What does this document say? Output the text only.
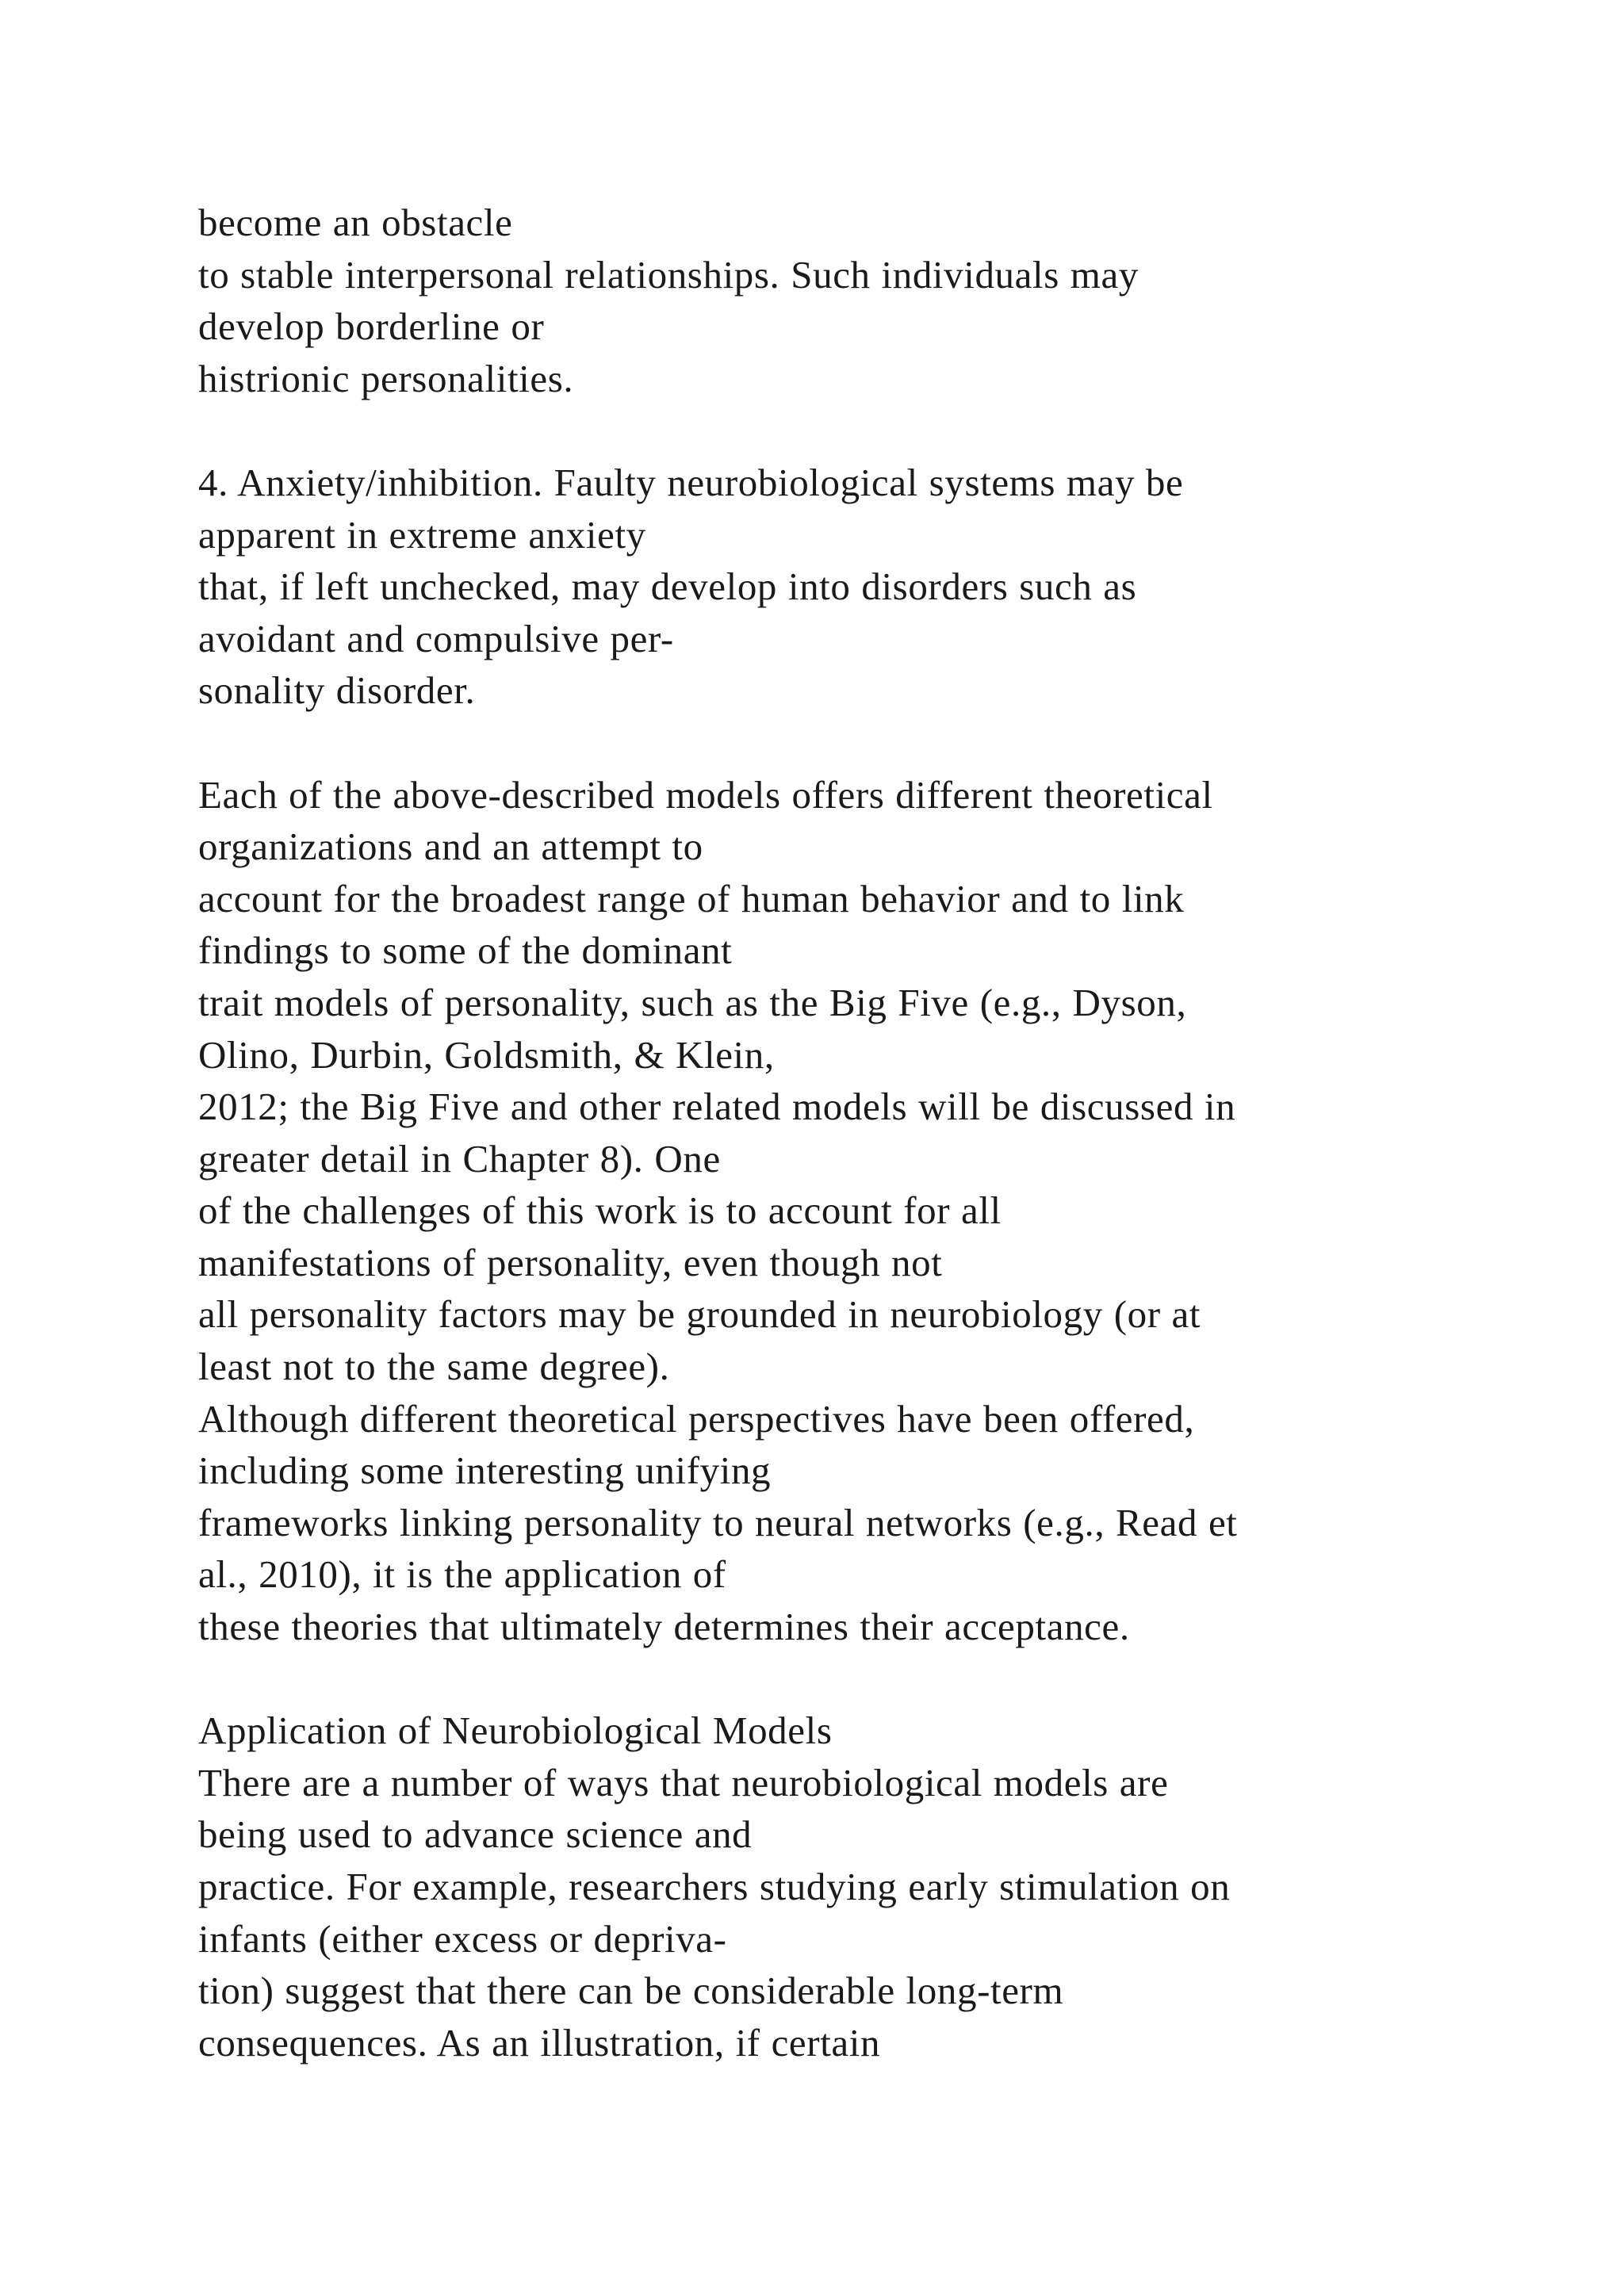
become an obstacle
to stable interpersonal relationships. Such individuals may
develop borderline or
histrionic personalities.
4. Anxiety/inhibition. Faulty neurobiological systems may be
apparent in extreme anxiety
that, if left unchecked, may develop into disorders such as
avoidant and compulsive per-
sonality disorder.
Each of the above-described models offers different theoretical
organizations and an attempt to
account for the broadest range of human behavior and to link
findings to some of the dominant
trait models of personality, such as the Big Five (e.g., Dyson,
Olino, Durbin, Goldsmith, & Klein,
2012; the Big Five and other related models will be discussed in
greater detail in Chapter 8). One
of the challenges of this work is to account for all
manifestations of personality, even though not
all personality factors may be grounded in neurobiology (or at
least not to the same degree).
Although different theoretical perspectives have been offered,
including some interesting unifying
frameworks linking personality to neural networks (e.g., Read et
al., 2010), it is the application of
these theories that ultimately determines their acceptance.
Application of Neurobiological Models
There are a number of ways that neurobiological models are
being used to advance science and
practice. For example, researchers studying early stimulation on
infants (either excess or depriva-
tion) suggest that there can be considerable long-term
consequences. As an illustration, if certain
